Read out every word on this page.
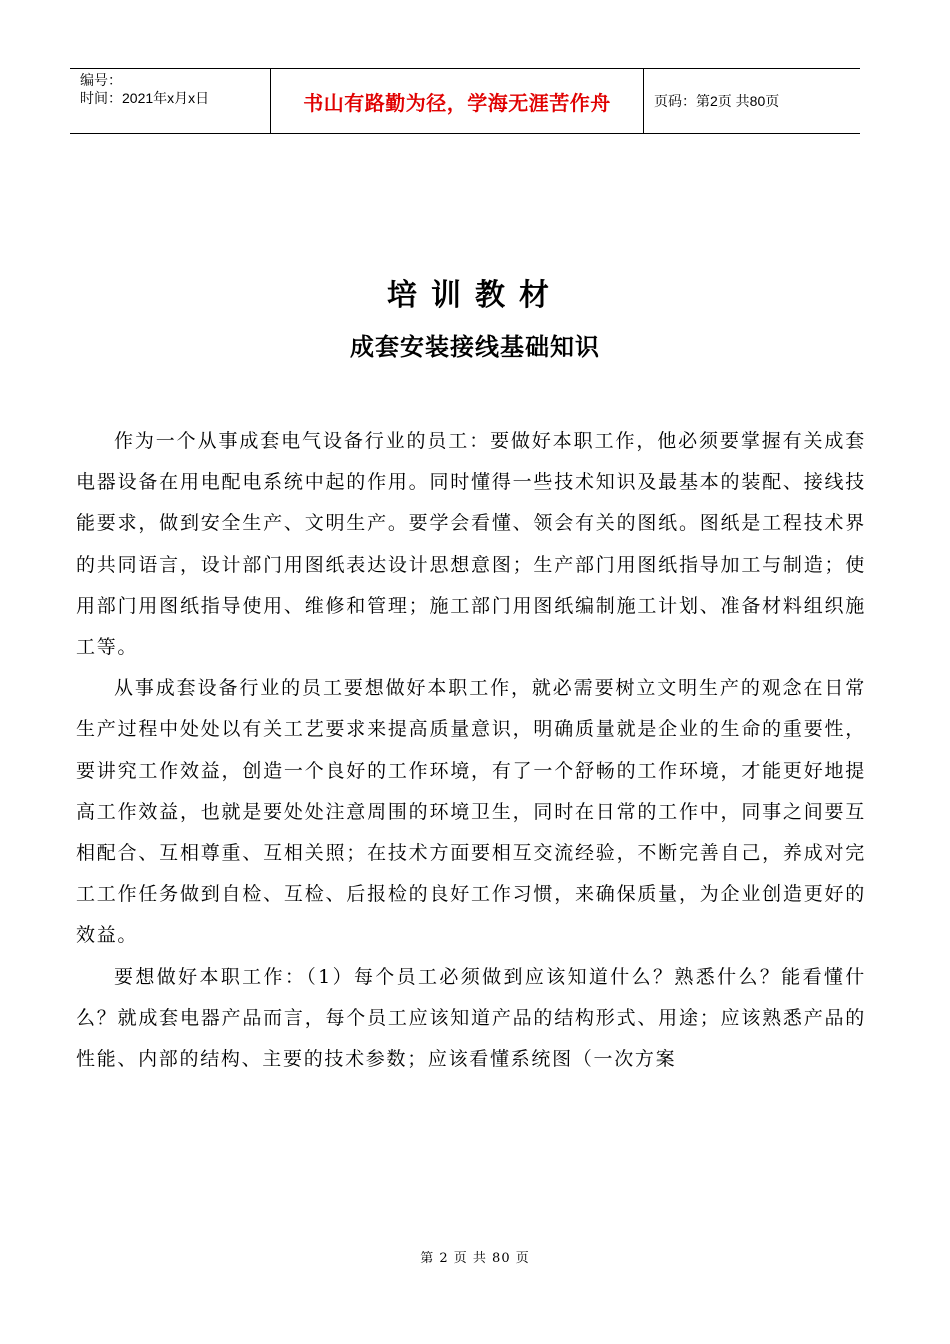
编号：
时间：2021年x月x日	书山有路勤为径，学海无涯苦作舟	页码：第2页 共80页
培训教材
成套安装接线基础知识

作为一个从事成套电气设备行业的员工：要做好本职工作，他必须要掌握有关成套电器设备在用电配电系统中起的作用。同时懂得一些技术知识及最基本的装配、接线技能要求，做到安全生产、文明生产。要学会看懂、领会有关的图纸。图纸是工程技术界的共同语言，设计部门用图纸表达设计思想意图；生产部门用图纸指导加工与制造；使用部门用图纸指导使用、维修和管理；施工部门用图纸编制施工计划、准备材料组织施工等。

从事成套设备行业的员工要想做好本职工作，就必需要树立文明生产的观念在日常生产过程中处处以有关工艺要求来提高质量意识，明确质量就是企业的生命的重要性，要讲究工作效益，创造一个良好的工作环境，有了一个舒畅的工作环境，才能更好地提高工作效益，也就是要处处注意周围的环境卫生，同时在日常的工作中，同事之间要互相配合、互相尊重、互相关照；在技术方面要相互交流经验，不断完善自己，养成对完工工作任务做到自检、互检、后报检的良好工作习惯，来确保质量，为企业创造更好的效益。

要想做好本职工作：（1）每个员工必须做到应该知道什么？熟悉什么？能看懂什么？就成套电器产品而言，每个员工应该知道产品的结构形式、用途；应该熟悉产品的性能、内部的结构、主要的技术参数；应该看懂系统图（一次方案

第 2 页 共 80 页
